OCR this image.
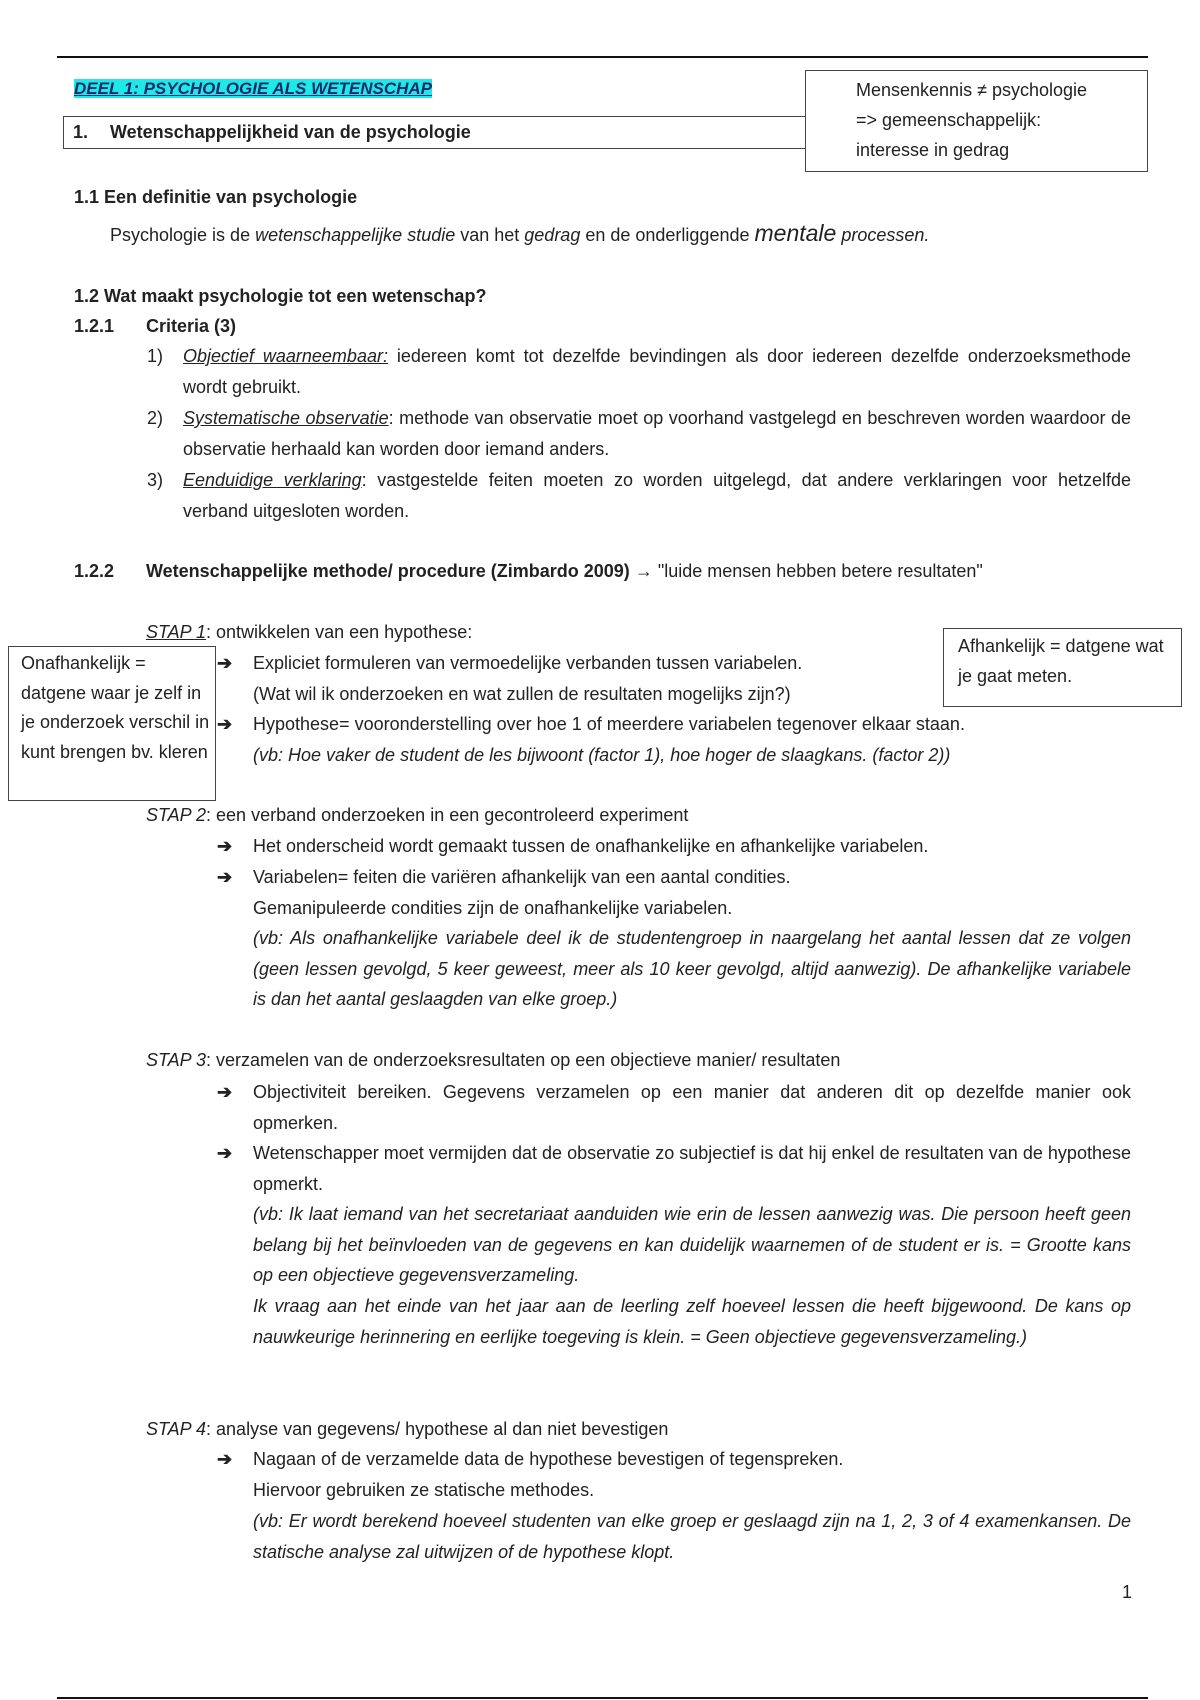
DEEL 1: PSYCHOLOGIE ALS WETENSCHAP
1. Wetenschappelijkheid van de psychologie
Mensenkennis ≠ psychologie
=> gemeenschappelijk:
interesse in gedrag
1.1 Een definitie van psychologie
Psychologie is de wetenschappelijke studie van het gedrag en de onderliggende mentale processen.
1.2 Wat maakt psychologie tot een wetenschap?
1.2.1 Criteria (3)
1) Objectief waarneembaar: iedereen komt tot dezelfde bevindingen als door iedereen dezelfde onderzoeksmethode wordt gebruikt.
2) Systematische observatie: methode van observatie moet op voorhand vastgelegd en beschreven worden waardoor de observatie herhaald kan worden door iemand anders.
3) Eenduidige verklaring: vastgestelde feiten moeten zo worden uitgelegd, dat andere verklaringen voor hetzelfde verband uitgesloten worden.
1.2.2 Wetenschappelijke methode/ procedure (Zimbardo 2009) → "luide mensen hebben betere resultaten"
STAP 1: ontwikkelen van een hypothese:
Onafhankelijk = datgene waar je zelf in je onderzoek verschil in kunt brengen bv. kleren
Afhankelijk = datgene wat je gaat meten.
➔ Expliciet formuleren van vermoedelijke verbanden tussen variabelen.
(Wat wil ik onderzoeken en wat zullen de resultaten mogelijks zijn?)
➔ Hypothese= vooronderstelling over hoe 1 of meerdere variabelen tegenover elkaar staan.
(vb: Hoe vaker de student de les bijwoont (factor 1), hoe hoger de slaagkans. (factor 2))
STAP 2: een verband onderzoeken in een gecontroleerd experiment
➔ Het onderscheid wordt gemaakt tussen de onafhankelijke en afhankelijke variabelen.
➔ Variabelen= feiten die variëren afhankelijk van een aantal condities.
Gemanipuleerde condities zijn de onafhankelijke variabelen.
(vb: Als onafhankelijke variabele deel ik de studentengroep in naargelang het aantal lessen dat ze volgen (geen lessen gevolgd, 5 keer geweest, meer als 10 keer gevolgd, altijd aanwezig). De afhankelijke variabele is dan het aantal geslaagden van elke groep.)
STAP 3: verzamelen van de onderzoeksresultaten op een objectieve manier/ resultaten
➔ Objectiviteit bereiken. Gegevens verzamelen op een manier dat anderen dit op dezelfde manier ook opmerken.
➔ Wetenschapper moet vermijden dat de observatie zo subjectief is dat hij enkel de resultaten van de hypothese opmerkt.
(vb: Ik laat iemand van het secretariaat aanduiden wie erin de lessen aanwezig was. Die persoon heeft geen belang bij het beïnvloeden van de gegevens en kan duidelijk waarnemen of de student er is. = Grootte kans op een objectieve gegevensverzameling.
Ik vraag aan het einde van het jaar aan de leerling zelf hoeveel lessen die heeft bijgewoond. De kans op nauwkeurige herinnering en eerlijke toegeving is klein. = Geen objectieve gegevensverzameling.)
STAP 4: analyse van gegevens/ hypothese al dan niet bevestigen
➔ Nagaan of de verzamelde data de hypothese bevestigen of tegenspreken.
Hiervoor gebruiken ze statische methodes.
(vb: Er wordt berekend hoeveel studenten van elke groep er geslaagd zijn na 1, 2, 3 of 4 examenkansen. De statische analyse zal uitwijzen of de hypothese klopt.
1
